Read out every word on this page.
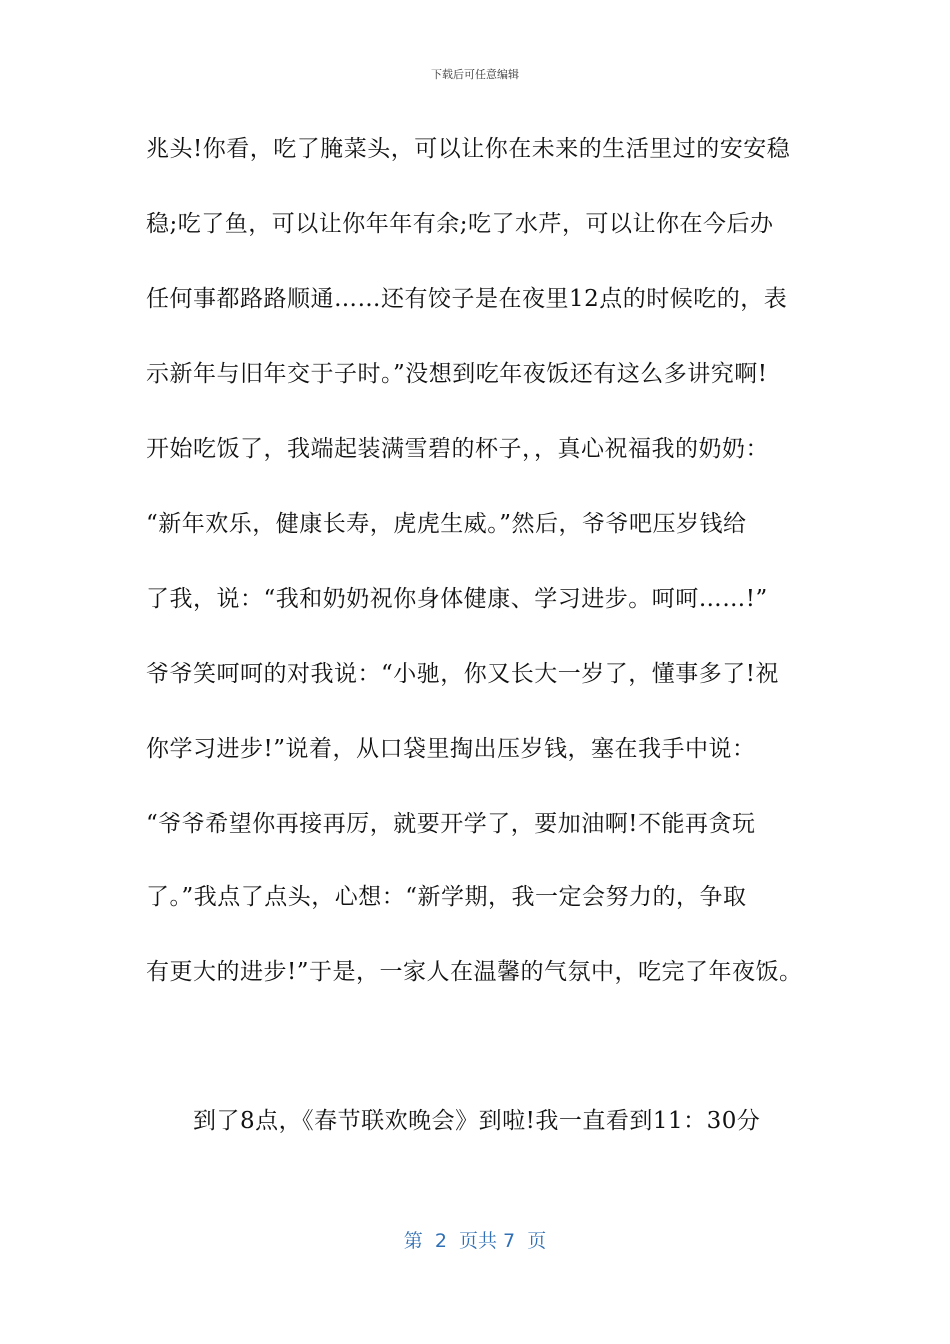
下载后可任意编辑
兆头!你看，吃了腌菜头，可以让你在未来的生活里过的安安稳
稳;吃了鱼，可以让你年年有余;吃了水芹，可以让你在今后办
任何事都路路顺通……还有饺子是在夜里12点的时候吃的，表
示新年与旧年交于子时。”没想到吃年夜饭还有这么多讲究啊!
开始吃饭了，我端起装满雪碧的杯子，，真心祝福我的奶奶：
“新年欢乐，健康长寿，虎虎生威。”然后，爷爷吧压岁钱给
了我，说：“我和奶奶祝你身体健康、学习进步。呵呵……!”
爷爷笑呵呵的对我说：“小驰，你又长大一岁了，懂事多了!祝
你学习进步!”说着，从口袋里掏出压岁钱，塞在我手中说：
“爷爷希望你再接再厉，就要开学了，要加油啊!不能再贪玩
了。”我点了点头，心想：“新学期，我一定会努力的，争取
有更大的进步!”于是，一家人在温馨的气氛中，吃完了年夜饭。
到了8点，《春节联欢晚会》到啦!我一直看到11：30分
第  2  页共 7  页
